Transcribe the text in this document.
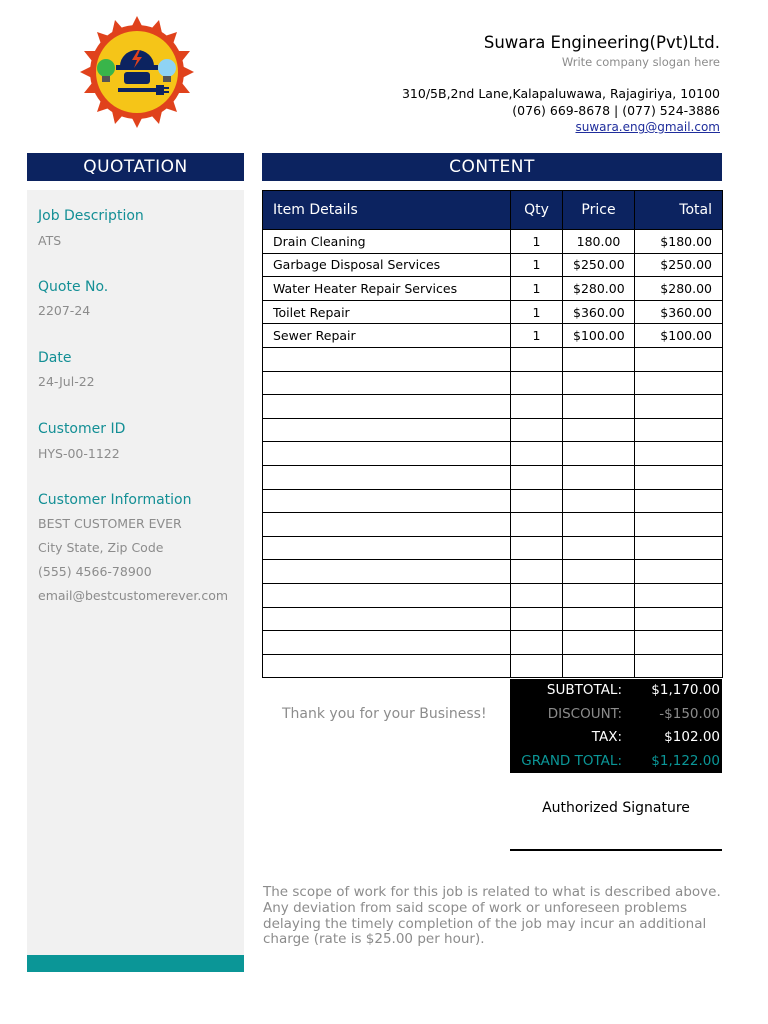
Suwara Engineering(Pvt)Ltd.
Write company slogan here
310/5B,2nd Lane,Kalapaluwawa, Rajagiriya, 10100
(076) 669-8678 | (077) 524-3886
suwara.eng@gmail.com
QUOTATION	CONTENT
Job Description
ATS
Quote No.
2207-24
Date
24-Jul-22
Customer ID
HYS-00-1122
Customer Information
BEST CUSTOMER EVER
City State, Zip Code
(555) 4566-78900
email@bestcustomerever.com
Item Details	Qty	Price	Total
Drain Cleaning	1	180.00	$180.00
Garbage Disposal Services	1	$250.00	$250.00
Water Heater Repair Services	1	$280.00	$280.00
Toilet Repair	1	$360.00	$360.00
Sewer Repair	1	$100.00	$100.00

Thank you for your Business!
SUBTOTAL: $1,170.00
DISCOUNT:	-$150.00
TAX:	$102.00
GRAND TOTAL: $1,122.00
Authorized Signature
The scope of work for this job is related to what is described above. Any deviation from said scope of work or unforeseen problems delaying the timely completion of the job may incur an additional charge (rate is $25.00 per hour).
